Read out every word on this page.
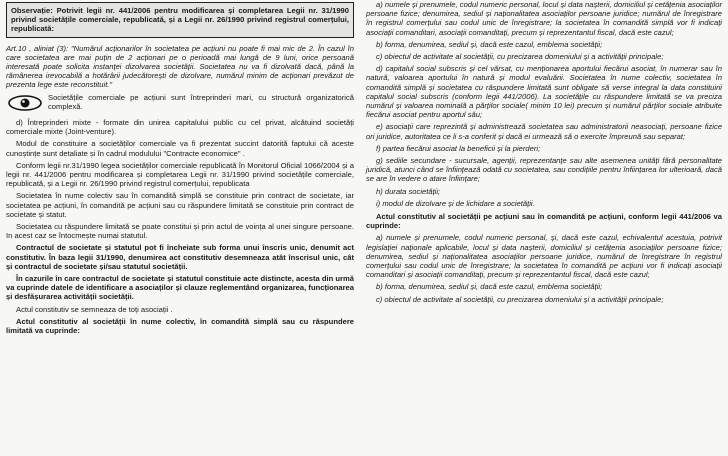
Observație: Potrivit legii nr. 441/2006 pentru modificarea și completarea Legii nr. 31/1990 privind societățile comerciale, republicată, și a Legii nr. 26/1990 privind registrul comerțului, republicată:

Art.10 , aliniat (3): "Numărul acționarilor în societatea pe acțiuni nu poate fi mai mic de 2. În cazul în care societatea are mai puțin de 2 acționari pe o perioadă mai lungă de 9 luni, orice persoană interesată poate solicita instanței dizolvarea societății. Societatea nu va fi dizolvată dacă, până la rămânerea irevocabilă a hotărârii judecătorești de dizolvare, numărul minim de acționari prevăzut de prezenta lege este reconstituit."

Societățile comerciale pe acțiuni sunt întreprinderi mari, cu structură organizatorică complexă.

d) Întreprinderi mixte - formate din unirea capitalului public cu cel privat, alcătuind societăți comerciale mixte (Joint-venture).

Modul de constituire a societăților comerciale va fi prezentat succint datorită faptului că aceste cunoștințe sunt detaliate și în cadrul modulului "Contracte economice" .

Conform legii nr.31/1990 legea societăților comerciale republicată în Monitorul Oficial 1066/2004 și a legii nr. 441/2006 pentru modificarea și completarea Legii nr. 31/1990 privind societățile comerciale, republicată, și a Legii nr. 26/1990 privind registrul comerțului, republicata

Societatea în nume colectiv sau în comandită simplă se constituie prin contract de societate, iar societatea pe acțiuni, în comandită pe acțiuni sau cu răspundere limitată se constituie prin contract de societate și statut.

Societatea cu răspundere limitată se poate constitui și prin actul de voința al unei singure persoane. In acest caz se întocmește numai statutul.

Contractul de societate și statutul pot fi încheiate sub forma unui înscris unic, denumit act constitutiv. În baza legii 31/1990, denumirea act constitutiv desemneaza atât înscrisul unic, cât și contractul de societate și/sau statutul societății.

În cazurile în care contractul de societate și statutul constituie acte distincte, acesta din urmă va cuprinde datele de identificare a asociaților și clauze reglementând organizarea, funcționarea și desfășurarea activității societății.

Actul constitutiv se semneaza de toți asociații .

Actul constitutiv al societății în nume colectiv, în comandită simplă sau cu răspundere limitată va cuprinde:

a) numele și prenumele, codul numeric personal, locul și data nașterii, domiciliul și cetățenia asociaților persoane fizice; denumirea, sediul și naționalitatea asociaților persoane juridice; numărul de înregistrare în registrul comerțului sau codul unic de înregistrare; la societatea în comandită simplă vor fi indicați asociații comanditari, asociații comanditați, precum și reprezentantul fiscal, dacă este cazul;

b) forma, denumirea, sediul și, dacă este cazul, emblema societății;

c) obiectul de activitate al societății, cu precizarea domeniului și a activității principale;

d) capitalul social subscris și cel vărsat, cu menționarea aportului fiecărui asociat, în numerar sau în natură, valoarea aportului în natură și modul evaluării. Societatea în nume colectiv, societatea în comandită simplă și societatea cu răspundere limitată sunt obligate să verse integral la data constituirii capitalul social subscris (conform legii 441/2006). La societățile cu răspundere limitată se va preciza numărul și valoarea nominală a părților sociale( minim 10 lei) precum și numărul părților sociale atribuite fiecărui asociat pentru aportul său;

e) asociații care reprezintă și administrează societatea sau administratorii neasociați, persoane fizice ori juridice, autoritatea ce li s-a conferit și dacă ei urmează să o exercite împreună sau separat;

f) partea fiecărui asociat la beneficii și la pierderi;

g) sediile secundare - sucursale, agenții, reprezentanțe sau alte asemenea unități fără personalitate juridică, atunci când se înființează odată cu societatea, sau condițiile pentru înființarea lor ulterioară, dacă se are în vedere o atare înființare;

h) durata societății;

i) modul de dizolvare și de lichidare a societății.

Actul constitutiv al societății pe acțiuni sau în comandită pe acțiuni, conform legii 441/2006 va cuprinde:

a) numele și prenumele, codul numeric personal, și, dacă este cazul, echivalentul acestuia, potrivit legislației naționale aplicabile, locul și data nașterii, domiciliul și cetățenia asociaților persoane fizice; denumirea, sediul și naționalitatea asociaților persoane juridice, numărul de înregistrare în registrul comerțului sau codul unic de înregistrare; la societatea în comandită pe acțiuni vor fi indicați asociații comanditari și asociații comanditați, precum și reprezentantul fiscal, dacă este cazul;

b) forma, denumirea, sediul și, dacă este cazul, emblema societății;

c) obiectul de activitate al societății, cu precizarea domeniului și a activității principale;
